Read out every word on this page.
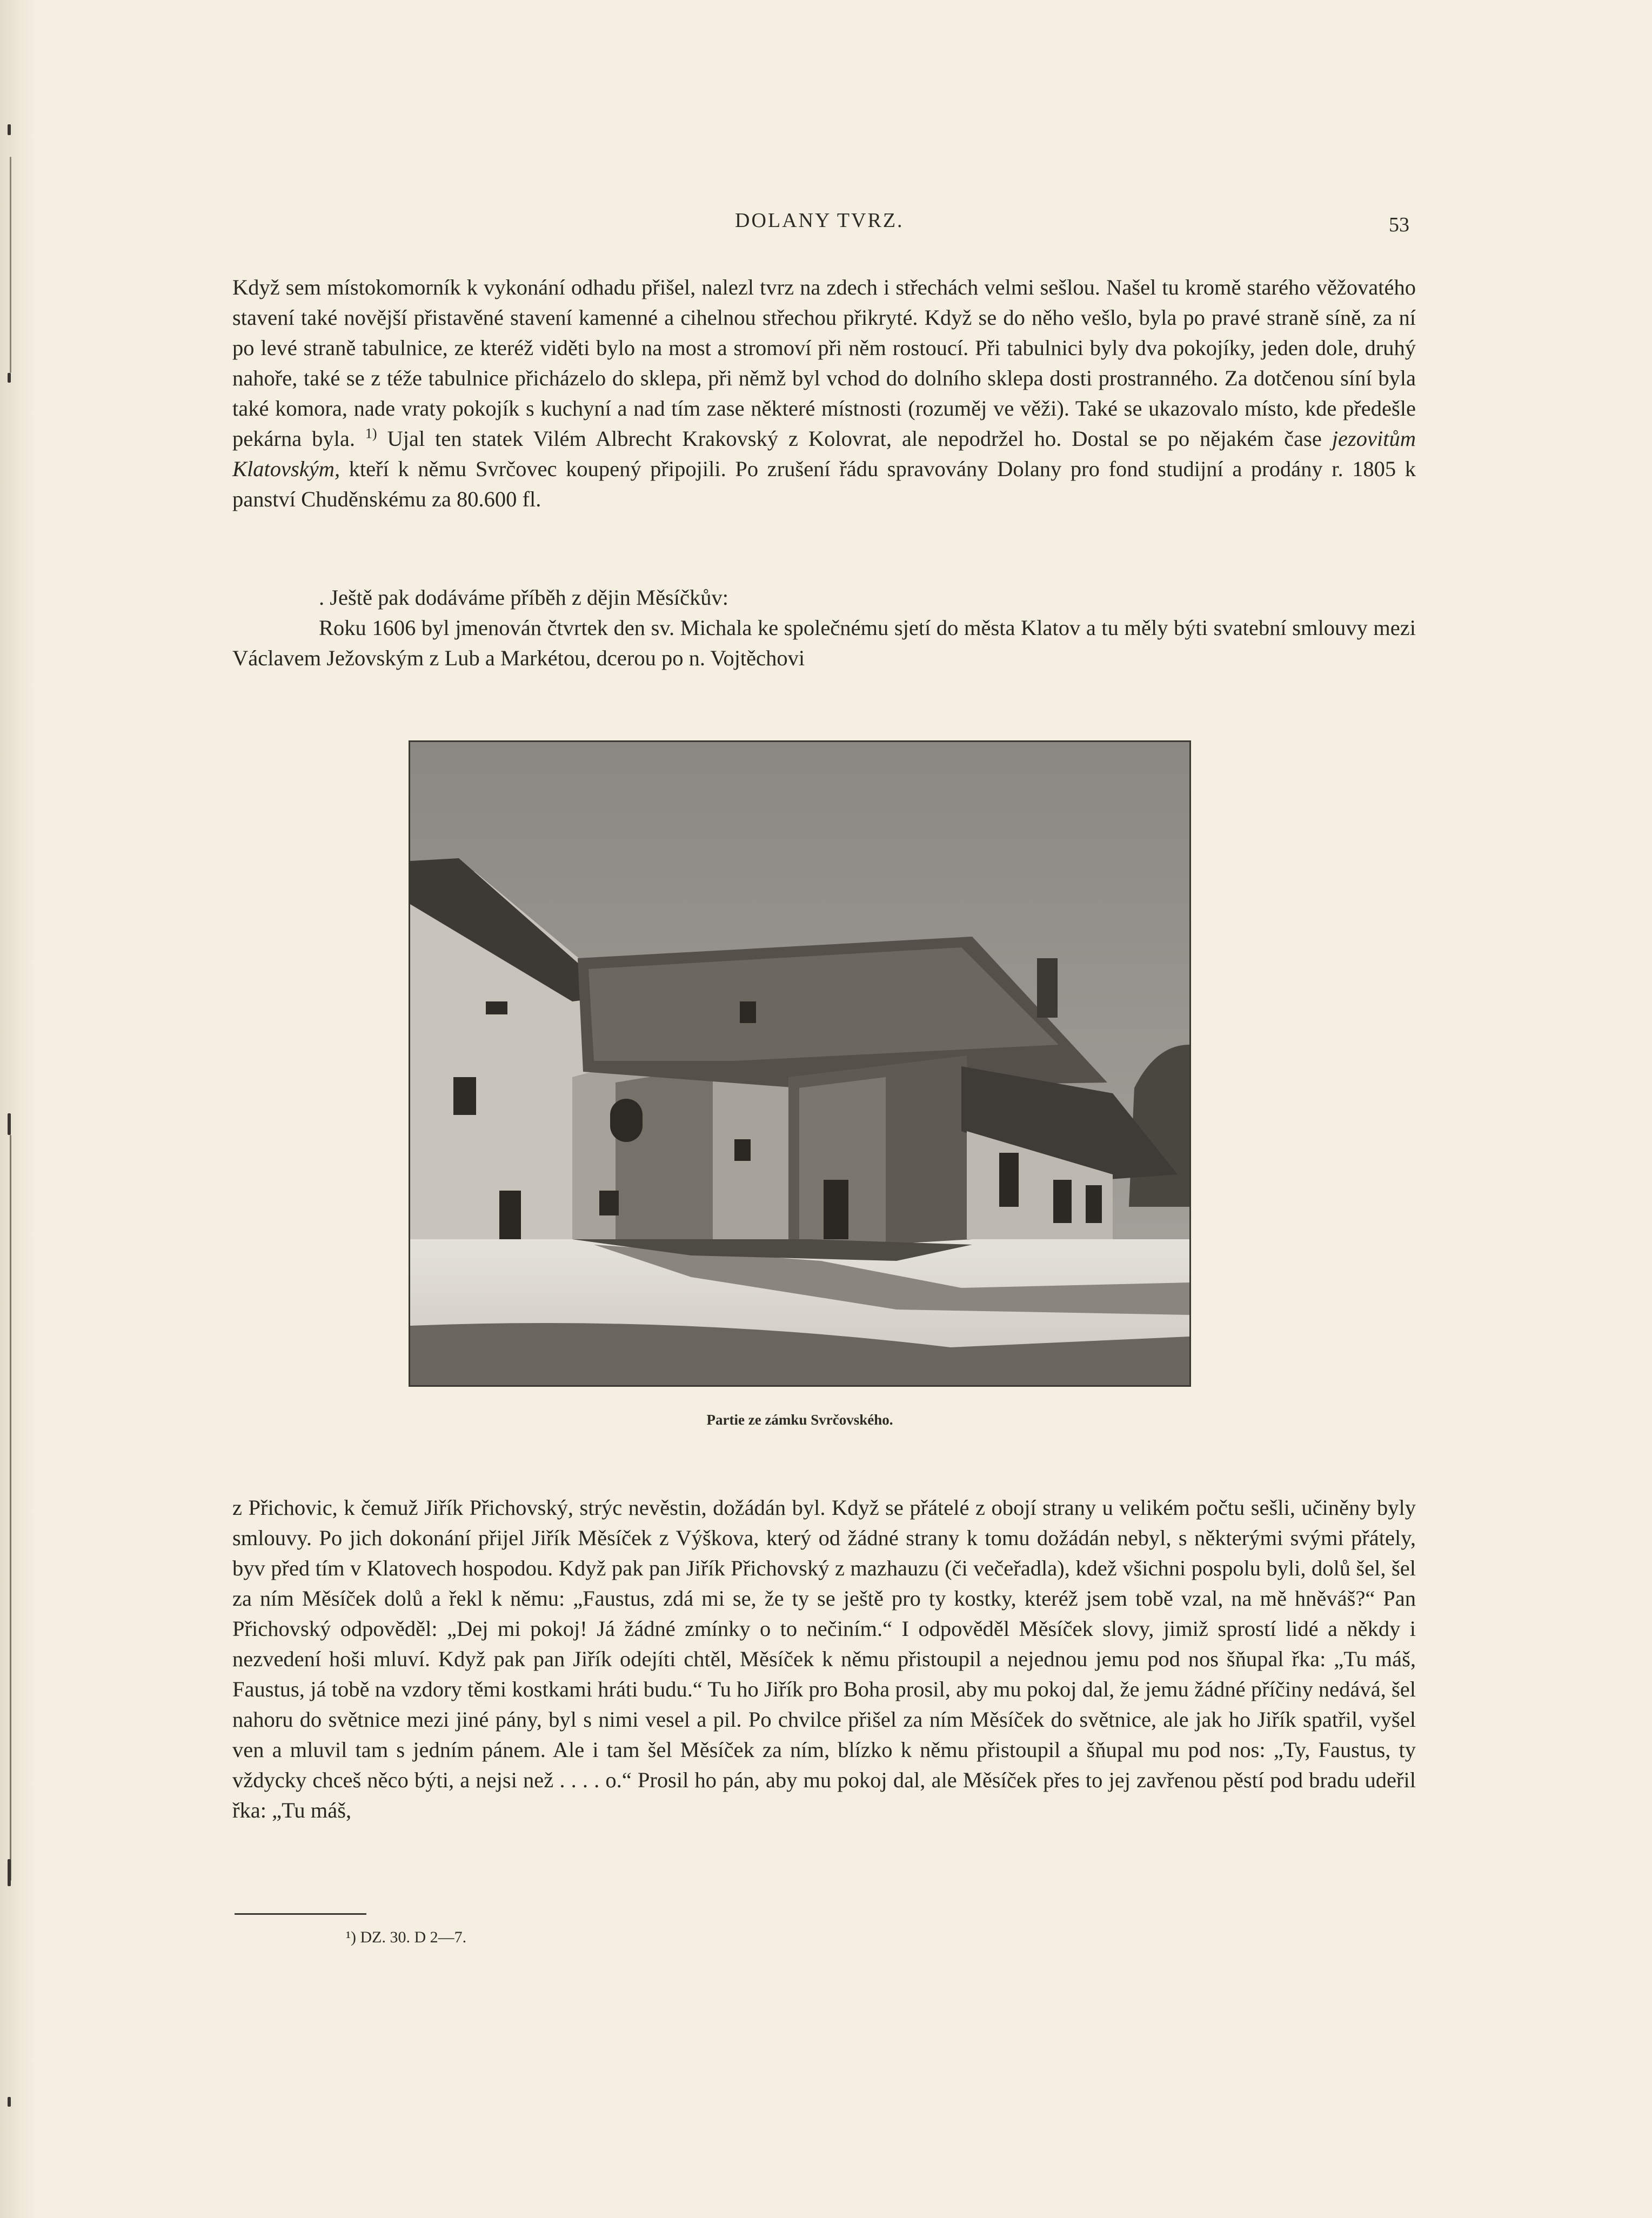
DOLANY TVRZ.	53

Když sem místokomorník k vykonání odhadu přišel, nalezl tvrz na zdech i střechách velmi sešlou. Našel tu kromě starého věžovatého stavení také novější přistavěné stavení kamenné a cihelnou střechou přikryté. Když se do něho vešlo, byla po pravé straně síně, za ní po levé straně tabulnice, ze kteréž viděti bylo na most a stromoví při něm rostoucí. Při tabulnici byly dva pokojíky, jeden dole, druhý nahoře, také se z téže tabulnice přicházelo do sklepa, při němž byl vchod do dolního sklepa dosti prostranného. Za dotčenou síní byla také komora, nade vraty pokojík s kuchyní a nad tím zase některé místnosti (rozuměj ve věži). Také se ukazovalo místo, kde předešle pekárna byla. $^{1)}$ Ujal ten statek Vilém Albrecht Krakovský z Kolovrat, ale nepodržel ho. Dostal se po nějakém čase jezovitům Klatovským, kteří k němu Svrčovec koupený připojili. Po zrušení řádu spravovány Dolany pro fond studijní a prodány r. 1805 k panství Chuděnskému za 80.600 fl.

. Ještě pak dodáváme příběh z dějin Měsíčkův:

Roku 1606 byl jmenován čtvrtek den sv. Michala ke společnému sjetí do města Klatov a tu měly býti svatební smlouvy mezi Václavem Ježovským z Lub a Markétou, dcerou po n. Vojtěchovi

Partie ze zámku Svrčovského.

z Přichovic, k čemuž Jiřík Přichovský, strýc nevěstin, dožádán byl. Když se přátelé z obojí strany u velikém počtu sešli, učiněny byly smlouvy. Po jich dokonání přijel Jiřík Měsíček z Výškova, který od žádné strany k tomu dožádán nebyl, s některými svými přátely, byv před tím v Klatovech hospodou. Když pak pan Jiřík Přichovský z mazhauzu (či večeřadla), kdež všichni pospolu byli, dolů šel, šel za ním Měsíček dolů a řekl k němu: „Faustus, zdá mi se, že ty se ještě pro ty kostky, kteréž jsem tobě vzal, na mě hněváš?“ Pan Přichovský odpověděl: „Dej mi pokoj! Já žádné zmínky o to nečiním.“ I odpověděl Měsíček slovy, jimiž sprostí lidé a někdy i nezvedení hoši mluví. Když pak pan Jiřík odejíti chtěl, Měsíček k němu přistoupil a nejednou jemu pod nos šňupal řka: „Tu máš, Faustus, já tobě na vzdory těmi kostkami hráti budu.“ Tu ho Jiřík pro Boha prosil, aby mu pokoj dal, že jemu žádné příčiny nedává, šel nahoru do světnice mezi jiné pány, byl s nimi vesel a pil. Po chvilce přišel za ním Měsíček do světnice, ale jak ho Jiřík spatřil, vyšel ven a mluvil tam s jedním pánem. Ale i tam šel Měsíček za ním, blízko k němu přistoupil a šňupal mu pod nos: „Ty, Faustus, ty vždycky chceš něco býti, a nejsi než . . . . o.“ Prosil ho pán, aby mu pokoj dal, ale Měsíček přes to jej zavřenou pěstí pod bradu udeřil řka: „Tu máš,

¹) DZ. 30. D 2—7.
